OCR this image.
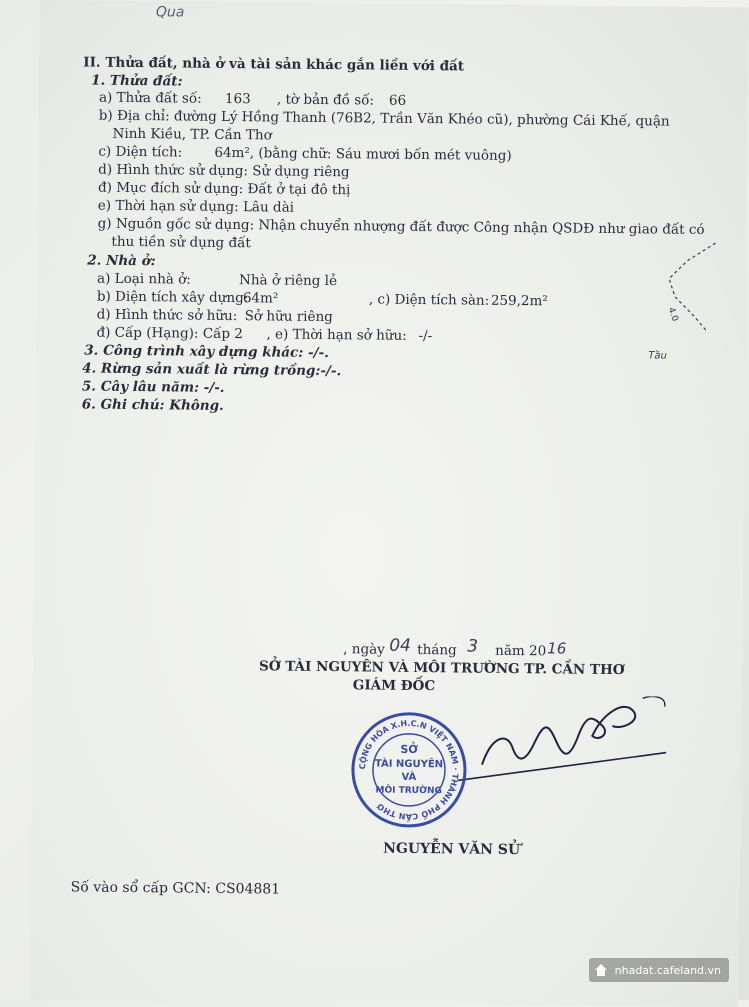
Qua
II. Thửa đất, nhà ở và tài sản khác gắn liền với đất
1. Thửa đất:
a) Thửa đất số: 163 , tờ bản đồ số: 66
b) Địa chỉ: đường Lý Hồng Thanh (76B2, Trần Văn Khéo cũ), phường Cái Khế, quận
Ninh Kiều, TP. Cần Thơ
c) Diện tích: 64m², (bằng chữ: Sáu mươi bốn mét vuông)
d) Hình thức sử dụng: Sử dụng riêng
đ) Mục đích sử dụng: Đất ở tại đô thị
e) Thời hạn sử dụng: Lâu dài
g) Nguồn gốc sử dụng: Nhận chuyển nhượng đất được Công nhận QSDĐ như giao đất có
thu tiền sử dụng đất
2. Nhà ở:
a) Loại nhà ở:	Nhà ở riêng lẻ
b) Diện tích xây dựng:
64m²	, c) Diện tích sàn: 259,2m²
d) Hình thức sở hữu: Sở hữu riêng
đ) Cấp (Hạng): Cấp 2 , e) Thời hạn sở hữu: -/-
3. Công trình xây dựng khác: -/-.
4. Rừng sản xuất là rừng trồng:-/-.
5. Cây lâu năm: -/-.
6. Ghi chú: Không.
4.0
Tầu
, ngày 04 tháng 3 năm 20 16
SỞ TÀI NGUYÊN VÀ MÔI TRƯỜNG TP. CẦN THƠ
GIÁM ĐỐC
CỘNG HÒA X.H.C.N VIỆT NAM · THÀNH PHỐ CẦN THƠ
SỞ
TÀI NGUYÊN
VÀ
MÔI TRƯỜNG
NGUYỄN VĂN SỬ
Số vào sổ cấp GCN: CS04881
nhadat.cafeland.vn
